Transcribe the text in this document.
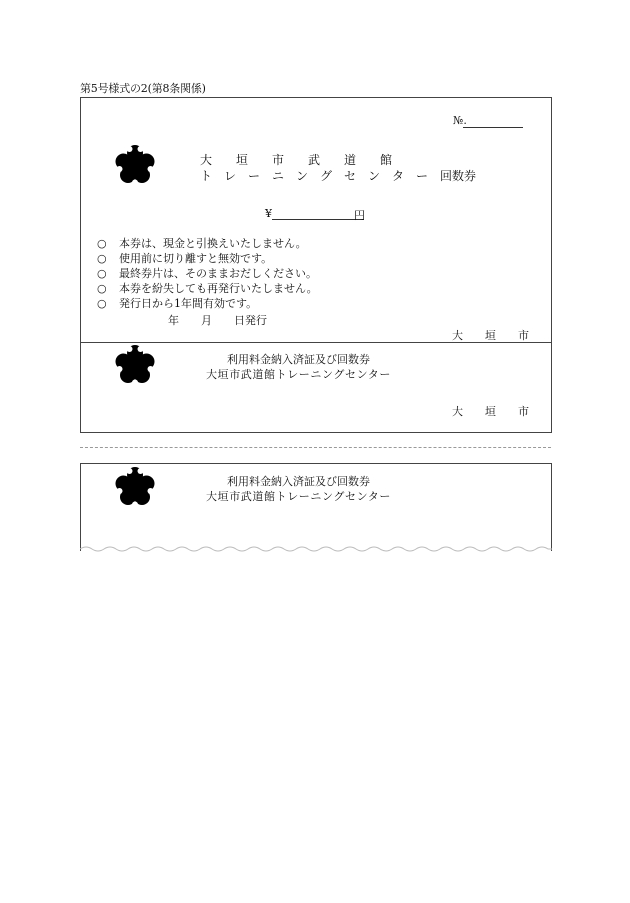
第5号様式の2(第8条関係)
№.
大　　垣　　市　　武　　道　　館
ト　レ　ー　ニ　ン　グ　セ　ン　タ　ー　回数券
¥	円
○ 本券は、現金と引換えいたしません。
○ 使用前に切り離すと無効です。
○ 最終券片は、そのままおだしください。
○ 本券を紛失しても再発行いたしません。
○ 発行日から1年間有効です。
年　　月　　日発行
大　　垣　　市
利用料金納入済証及び回数券
大垣市武道館トレーニングセンター
大　　垣　　市
利用料金納入済証及び回数券
大垣市武道館トレーニングセンター
